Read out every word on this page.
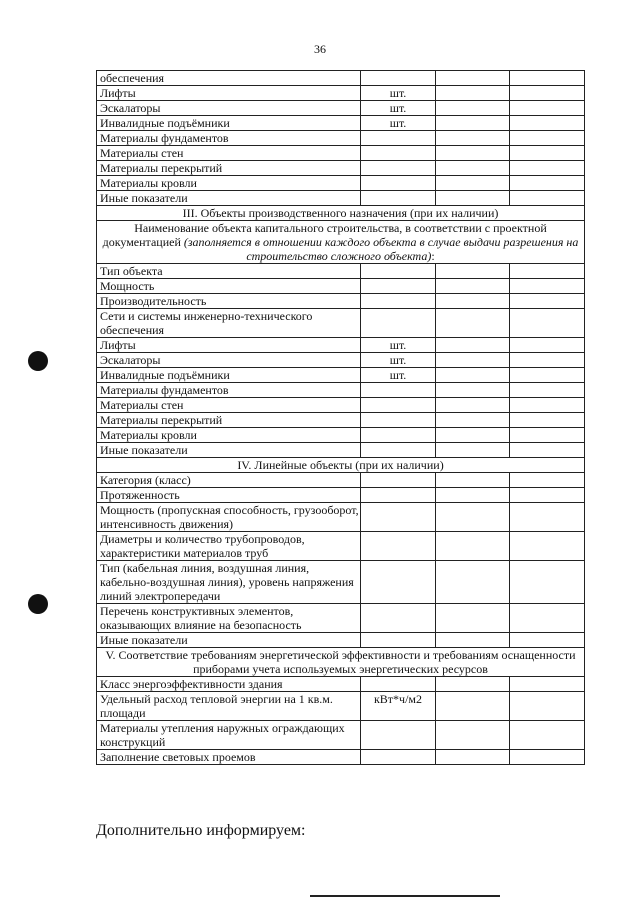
36
обеспечения			
Лифты	шт.		
Эскалаторы	шт.		
Инвалидные подъёмники	шт.		
Материалы фундаментов			
Материалы стен			
Материалы перекрытий			
Материалы кровли			
Иные показатели			
III. Объекты производственного назначения (при их наличии)			
Наименование объекта капитального строительства, в соответствии с проектной документацией (заполняется в отношении каждого объекта в случае выдачи разрешения на строительство сложного объекта):			
Тип объекта			
Мощность			
Производительность			
Сети и системы инженерно-технического обеспечения			
Лифты	шт.		
Эскалаторы	шт.		
Инвалидные подъёмники	шт.		
Материалы фундаментов			
Материалы стен			
Материалы перекрытий			
Материалы кровли			
Иные показатели			
IV. Линейные объекты (при их наличии)			
Категория (класс)			
Протяженность			
Мощность (пропускная способность, грузооборот, интенсивность движения)			
Диаметры и количество трубопроводов, характеристики материалов труб			
Тип (кабельная линия, воздушная линия, кабельно-воздушная линия), уровень напряжения линий электропередачи			
Перечень конструктивных элементов, оказывающих влияние на безопасность			
Иные показатели			
V. Соответствие требованиям энергетической эффективности и требованиям оснащенности приборами учета используемых энергетических ресурсов			
Класс энергоэффективности здания			
Удельный расход тепловой энергии на 1 кв.м. площади	кВт*ч/м2		
Материалы утепления наружных ограждающих конструкций			
Заполнение световых проемов			
Дополнительно информируем:
